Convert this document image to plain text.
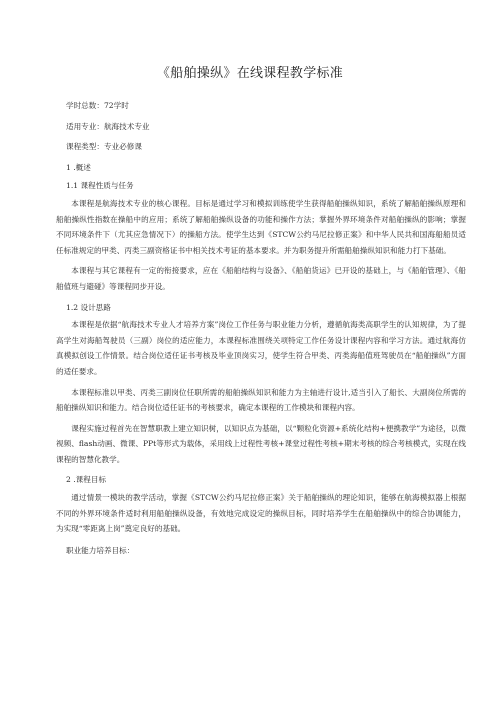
《船舶操纵》在线课程教学标准
学时总数：72学时
适用专业：航海技术专业
课程类型：专业必修课
1 .概述
1.1 课程性质与任务
本课程是航海技术专业的核心课程。目标是通过学习和模拟训练使学生获得船舶操纵知识，系统了解船舶操纵原理和船舶操纵性指数在操船中的应用；系统了解船舶操纵设备的功能和操作方法；掌握外界环境条件对船舶操纵的影响；掌握不同环境条件下（尤其应急情况下）的操船方法。使学生达到《STCW公约马尼拉修正案》和中华人民共和国海船船员适任标准规定的甲类、丙类三副资格证书中相关技术考证的基本要求。并为职务提升所需船舶操纵知识和能力打下基础。
本课程与其它课程有一定的衔接要求，应在《船舶结构与设备》、《船舶货运》已开设的基础上，与《船舶管理》、《船舶值班与避碰》等课程同步开设。
1.2 设计思路
本课程是依据“航海技术专业人才培养方案”岗位工作任务与职业能力分析，遵循航海类高职学生的认知规律，为了提高学生对海船驾驶员（三副）岗位的适应能力，本课程标准围绕关项特定工作任务设计课程内容和学习方法。通过航海仿真模拟创设工作情景。结合岗位适任证书考核及毕业顶岗实习，使学生符合甲类、丙类海船值班驾驶员在“船舶操纵”方面的适任要求。
本课程标准以甲类、丙类三副岗位任职所需的船舶操纵知识和能力为主轴进行设计,适当引入了船长、大副岗位所需的船舶操纵知识和能力。结合岗位适任证书的考核要求，确定本课程的工作模块和课程内容。
课程实施过程首先在智慧职教上建立知识树，以知识点为基础，以“颗粒化资源+系统化结构+便携教学”为途径，以微视频、flash动画、微课、PPt等形式为载体，采用线上过程性考核+课堂过程性考核+期末考核的综合考核模式，实现在线课程的智慧化教学。
2 .课程目标
通过情景一模块的教学活动，掌握《STCW公约马尼拉修正案》关于船舶操纵的理论知识，能够在航海模拟器上根据不同的外界环境条件适时利用船舶操纵设备，有效地完成设定的操纵目标，同时培养学生在船舶操纵中的综合协调能力，为实现“零距离上岗”奠定良好的基础。
职业能力培养目标：
